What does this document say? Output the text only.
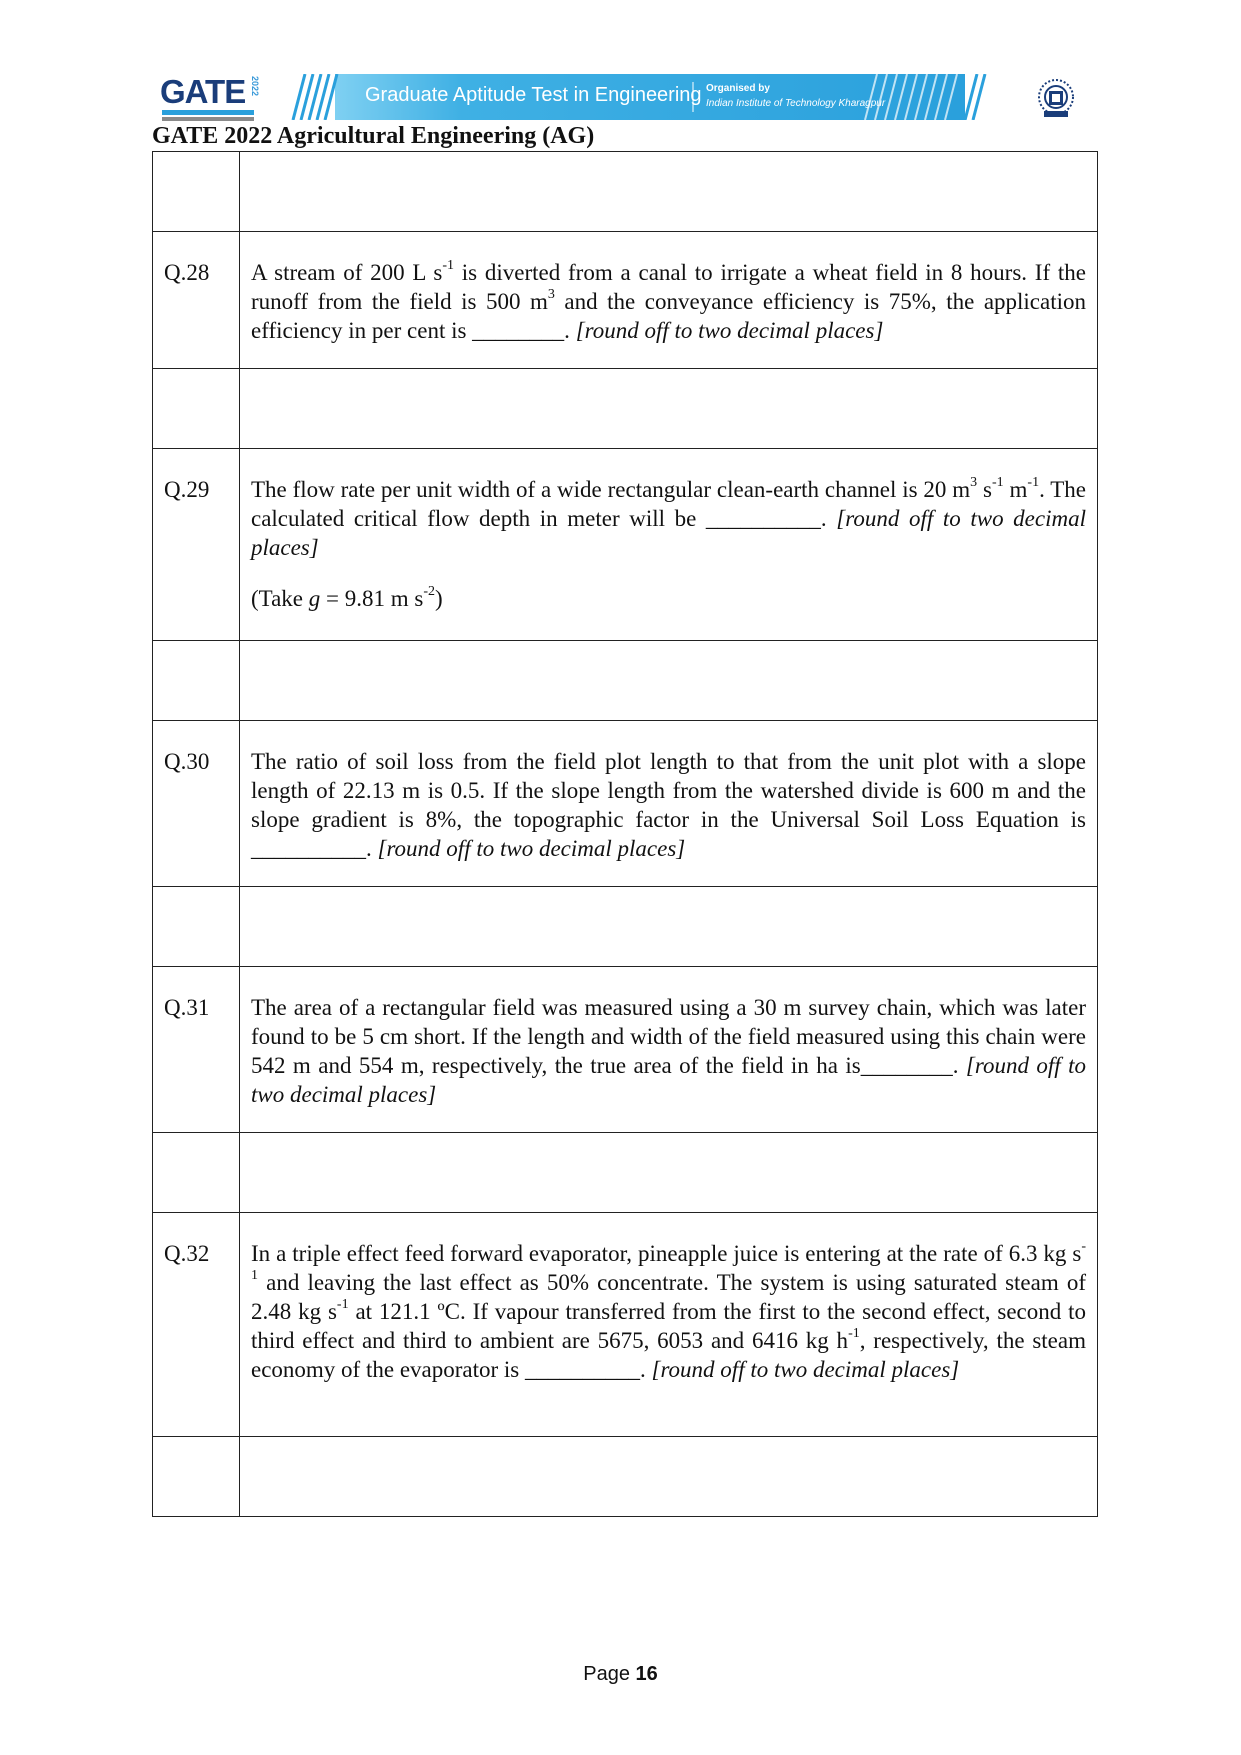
GATE 2022	Graduate Aptitude Test in Engineering Organised by
Indian Institute of Technology Kharagpur
GATE 2022 Agricultural Engineering (AG)

Q.28	A stream of 200 L $s^{-1}$ is diverted from a canal to irrigate a wheat field in 8 hours. If the runoff from the field is 500 $m^3$ and the conveyance efficiency is 75%, the application efficiency in per cent is ________. [round off to two decimal places]

Q.29	The flow rate per unit width of a wide rectangular clean-earth channel is 20 $m^3$ $s^{-1}$ $m^{-1}$. The calculated critical flow depth in meter will be __________. [round off to two decimal places]

(Take g = 9.81 m $s^{-2}$)

Q.30	The ratio of soil loss from the field plot length to that from the unit plot with a slope length of 22.13 m is 0.5. If the slope length from the watershed divide is 600 m and the slope gradient is 8%, the topographic factor in the Universal Soil Loss Equation is __________. [round off to two decimal places]

Q.31	The area of a rectangular field was measured using a 30 m survey chain, which was later found to be 5 cm short. If the length and width of the field measured using this chain were 542 m and 554 m, respectively, the true area of the field in ha is________. [round off to two decimal places]

Q.32	In a triple effect feed forward evaporator, pineapple juice is entering at the rate of 6.3 kg $s^{-1}$ and leaving the last effect as 50% concentrate. The system is using saturated steam of 2.48 kg $s^{-1}$ at 121.1 ºC. If vapour transferred from the first to the second effect, second to third effect and third to ambient are 5675, 6053 and 6416 kg $h^{-1}$, respectively, the steam economy of the evaporator is __________. [round off to two decimal places]

Page 16
